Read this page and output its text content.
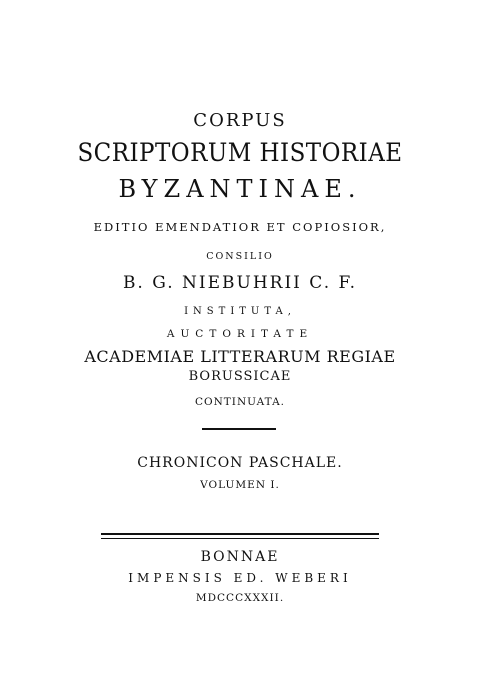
CORPUS

SCRIPTORUM HISTORIAE

BYZANTINAE.

EDITIO EMENDATIOR ET COPIOSIOR,

CONSILIO

B. G. NIEBUHRII C. F.

INSTITUTA,

AUCTORITATE

ACADEMIAE LITTERARUM REGIAE

BORUSSICAE

CONTINUATA.

CHRONICON PASCHALE.

VOLUMEN I.

BONNAE

IMPENSIS ED. WEBERI

MDCCCXXXII.
